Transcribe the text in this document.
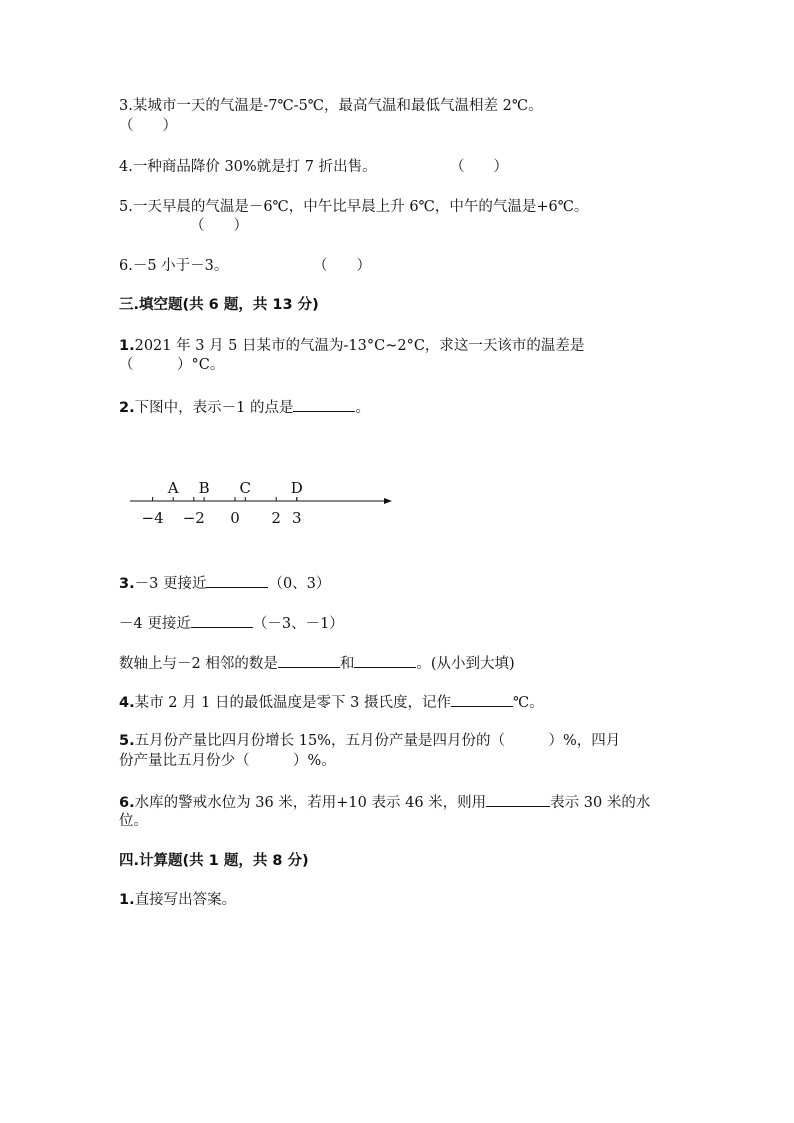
3.某城市一天的气温是-7℃-5℃，最高气温和最低气温相差 2℃。

（　　）

4.一种商品降价 30%就是打 7 折出售。	（　　）

5.一天早晨的气温是－6℃，中午比早晨上升 6℃，中午的气温是+6℃。

（　　）

6.－5 小于－3。	（　　）

三.填空题(共 6 题，共 13 分)

1.2021 年 3 月 5 日某市的气温为-13°C~2°C，求这一天该市的温差是

（　　　）°C。

2.下图中，表示－1 的点是	。

A B C	D
−4 −2 0 2 3

3.－3 更接近	（0、3）

－4 更接近	（－3、－1）

数轴上与－2 相邻的数是	和	。(从小到大填)

4.某市 2 月 1 日的最低温度是零下 3 摄氏度，记作	℃。

5.五月份产量比四月份增长 15%，五月份产量是四月份的（　　　）%，四月

份产量比五月份少（　　　）%。

6.水库的警戒水位为 36 米，若用+10 表示 46 米，则用	表示 30 米的水

位。

四.计算题(共 1 题，共 8 分)

1.直接写出答案。
